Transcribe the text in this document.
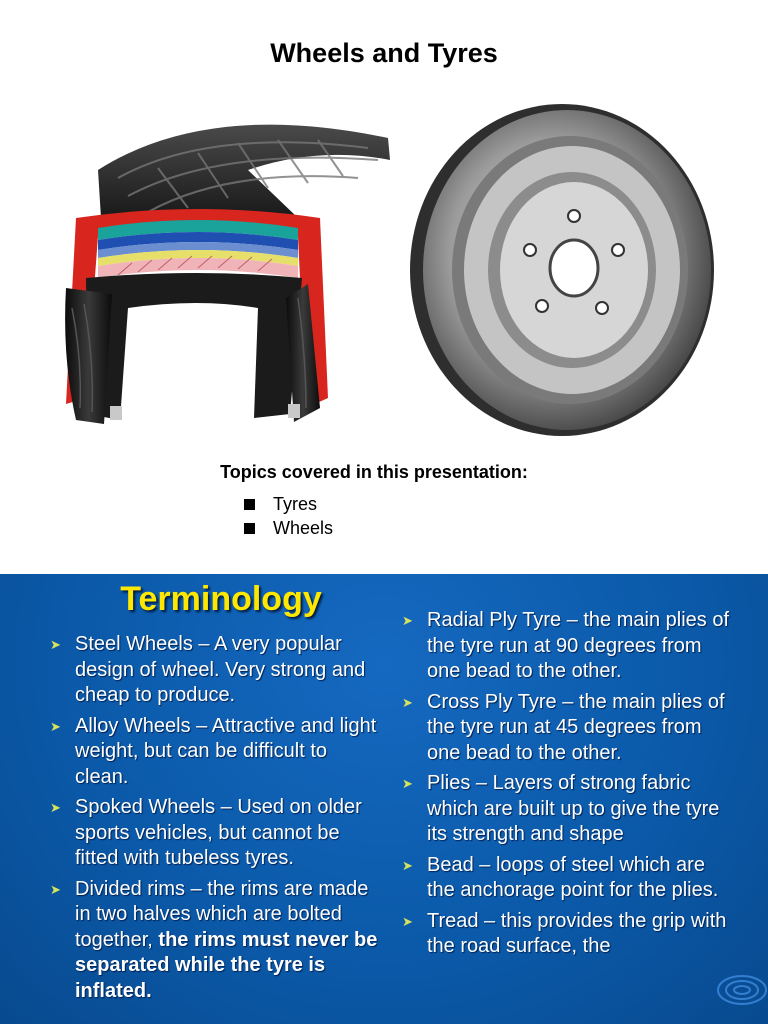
Wheels and Tyres
Topics covered in this presentation:
Tyres
Wheels
Terminology
➤ Steel Wheels – A very popular design of wheel. Very strong and cheap to produce.
➤ Alloy Wheels – Attractive and light weight, but can be difficult to clean.
➤ Spoked Wheels – Used on older sports vehicles, but cannot be fitted with tubeless tyres.
➤ Divided rims – the rims are made in two halves which are bolted together, the rims must never be separated while the tyre is inflated.
➤ Radial Ply Tyre – the main plies of the tyre run at 90 degrees from one bead to the other.
➤ Cross Ply Tyre – the main plies of the tyre run at 45 degrees from one bead to the other.
➤ Plies – Layers of strong fabric which are built up to give the tyre its strength and shape
➤ Bead – loops of steel which are the anchorage point for the plies.
➤ Tread – this provides the grip with the road surface, the
